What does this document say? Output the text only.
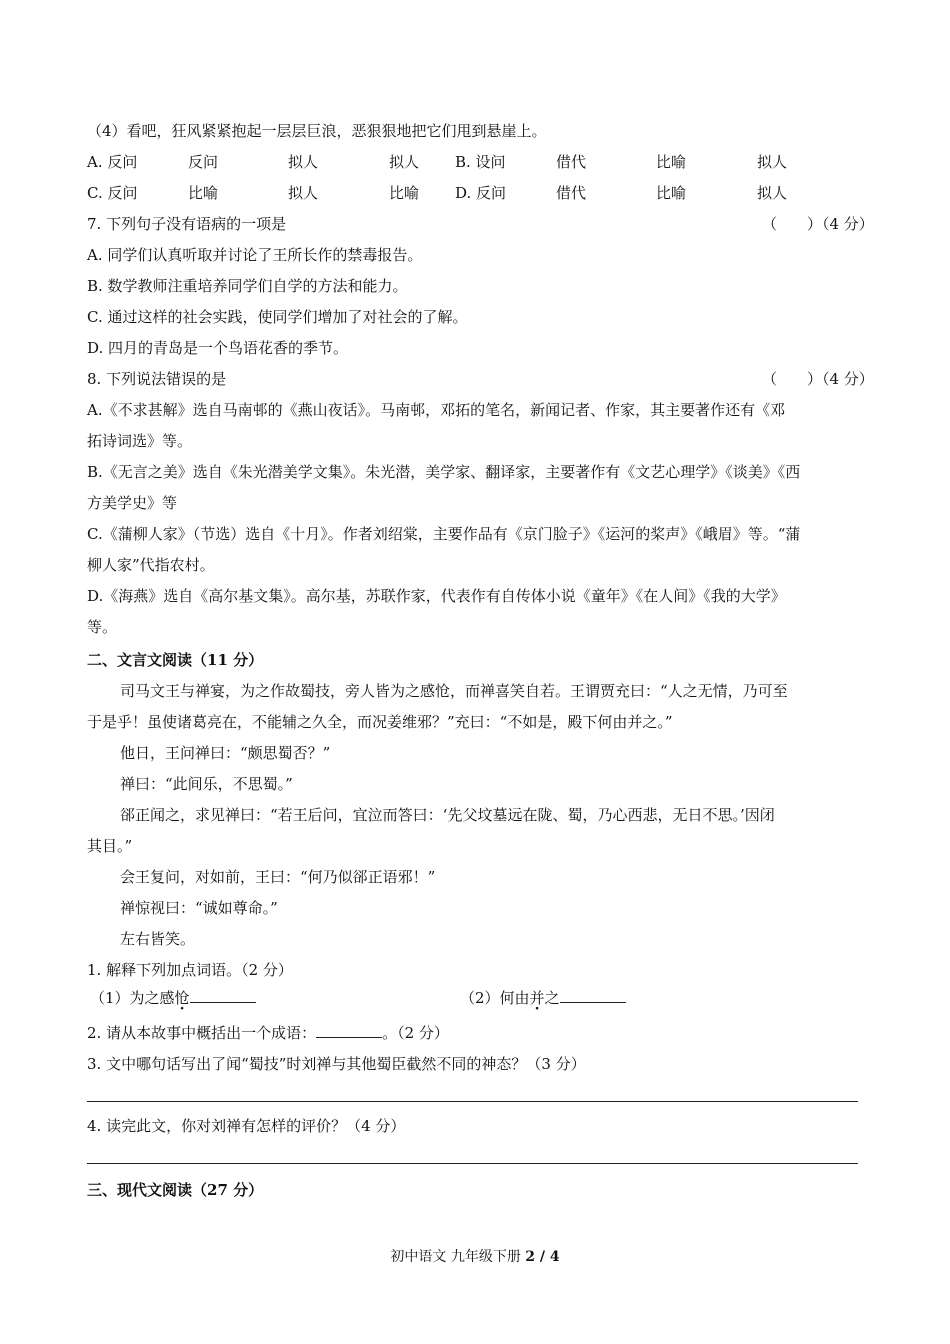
（4）看吧，狂风紧紧抱起一层层巨浪，恶狠狠地把它们甩到悬崖上。
A. 反问	反问	拟人	拟人 B. 设问	借代	比喻	拟人
C. 反问	比喻	拟人	比喻 D. 反问	借代	比喻	拟人
7. 下列句子没有语病的一项是	（　　）（4 分）
A. 同学们认真听取并讨论了王所长作的禁毒报告。
B. 数学教师注重培养同学们自学的方法和能力。
C. 通过这样的社会实践，使同学们增加了对社会的了解。
D. 四月的青岛是一个鸟语花香的季节。
8. 下列说法错误的是	（　　）（4 分）
A.《不求甚解》选自马南邨的《燕山夜话》。马南邨，邓拓的笔名，新闻记者、作家，其主要著作还有《邓
拓诗词选》等。
B.《无言之美》选自《朱光潜美学文集》。朱光潜，美学家、翻译家，主要著作有《文艺心理学》《谈美》《西
方美学史》等
C.《蒲柳人家》（节选）选自《十月》。作者刘绍棠，主要作品有《京门脸子》《运河的桨声》《峨眉》等。“蒲
柳人家”代指农村。
D.《海燕》选自《高尔基文集》。高尔基，苏联作家，代表作有自传体小说《童年》《在人间》《我的大学》
等。
二、文言文阅读（11 分）
司马文王与禅宴，为之作故蜀技，旁人皆为之感怆，而禅喜笑自若。王谓贾充曰：“人之无情，乃可至
于是乎！虽使诸葛亮在，不能辅之久全，而况姜维邪？”充曰：“不如是，殿下何由并之。”
他日，王问禅曰：“颇思蜀否？”
禅曰：“此间乐，不思蜀。”
郤正闻之，求见禅曰：“若王后问，宜泣而答曰：‘先父坟墓远在陇、蜀，乃心西悲，无日不思。’因闭
其目。”
会王复问，对如前，王曰：“何乃似郤正语邪！”
禅惊视曰：“诚如尊命。”
左右皆笑。
1. 解释下列加点词语。（2 分）
（1）为之感怆	（2）何由并之
2. 请从本故事中概括出一个成语：	。（2 分）
3. 文中哪句话写出了闻“蜀技”时刘禅与其他蜀臣截然不同的神态？（3 分）
4. 读完此文，你对刘禅有怎样的评价？（4 分）
三、现代文阅读（27 分）
初中语文 九年级下册 2 / 4
